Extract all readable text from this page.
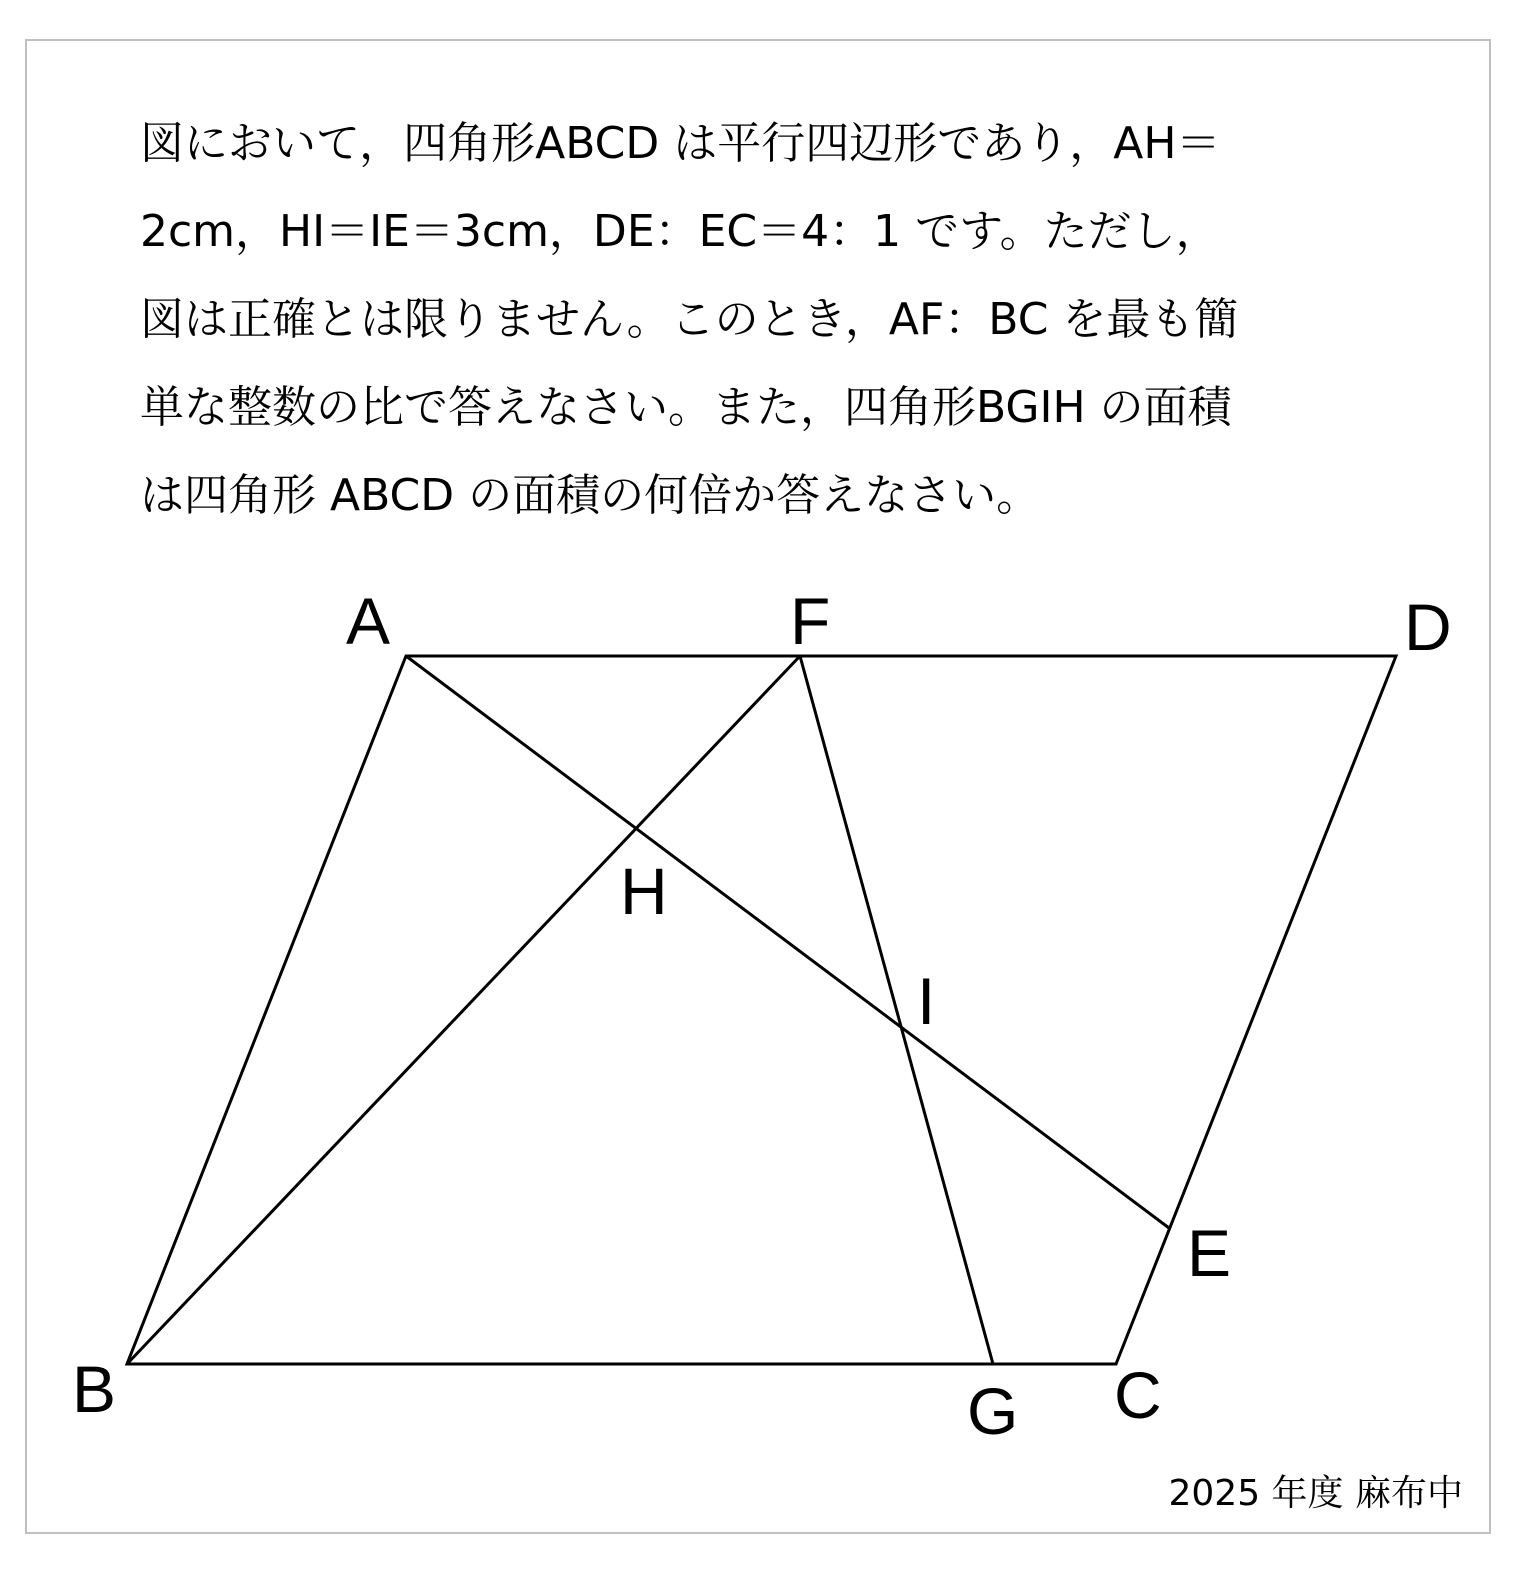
図において，四角形ABCD は平行四辺形であり，AH＝
2cm，HI＝IE＝3cm，DE：EC＝4：1 です。ただし，
図は正確とは限りません。このとき，AF：BC を最も簡
単な整数の比で答えなさい。また，四角形BGIH の面積
は四角形 ABCD の面積の何倍か答えなさい。
A	F	D
H
I
E
B	G C
2025 年度 麻布中
